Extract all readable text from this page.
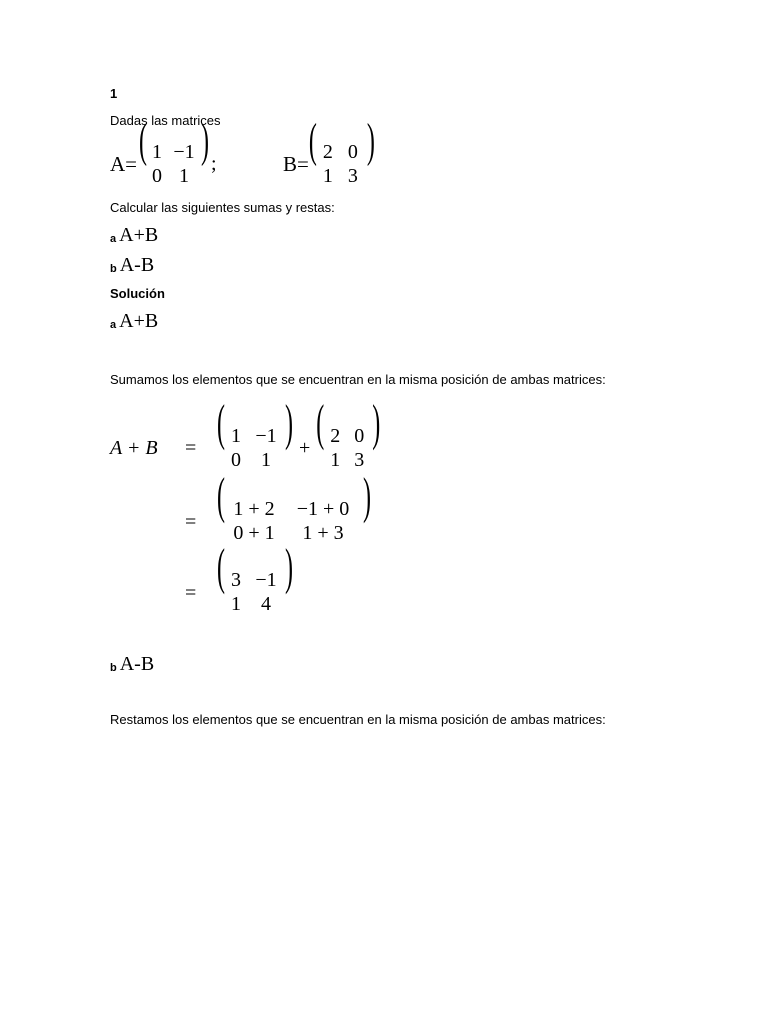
1
Dadas las matrices
A= ( 1 −1
0 1
) ;	B= ( 2 0
1 3
)
Calcular las siguientes sumas y restas:
a A+B
b A-B
Solución
a A+B
Sumamos los elementos que se encuentran en la misma posición de ambas matrices:
A + B = ( 1 −1
0	1
) + ( 2 0
1 3
)
= ( 1 + 2	−1 + 0
0 + 1	1 + 3
)
= ( 3 −1
1	4
)
b A-B
Restamos los elementos que se encuentran en la misma posición de ambas matrices:
